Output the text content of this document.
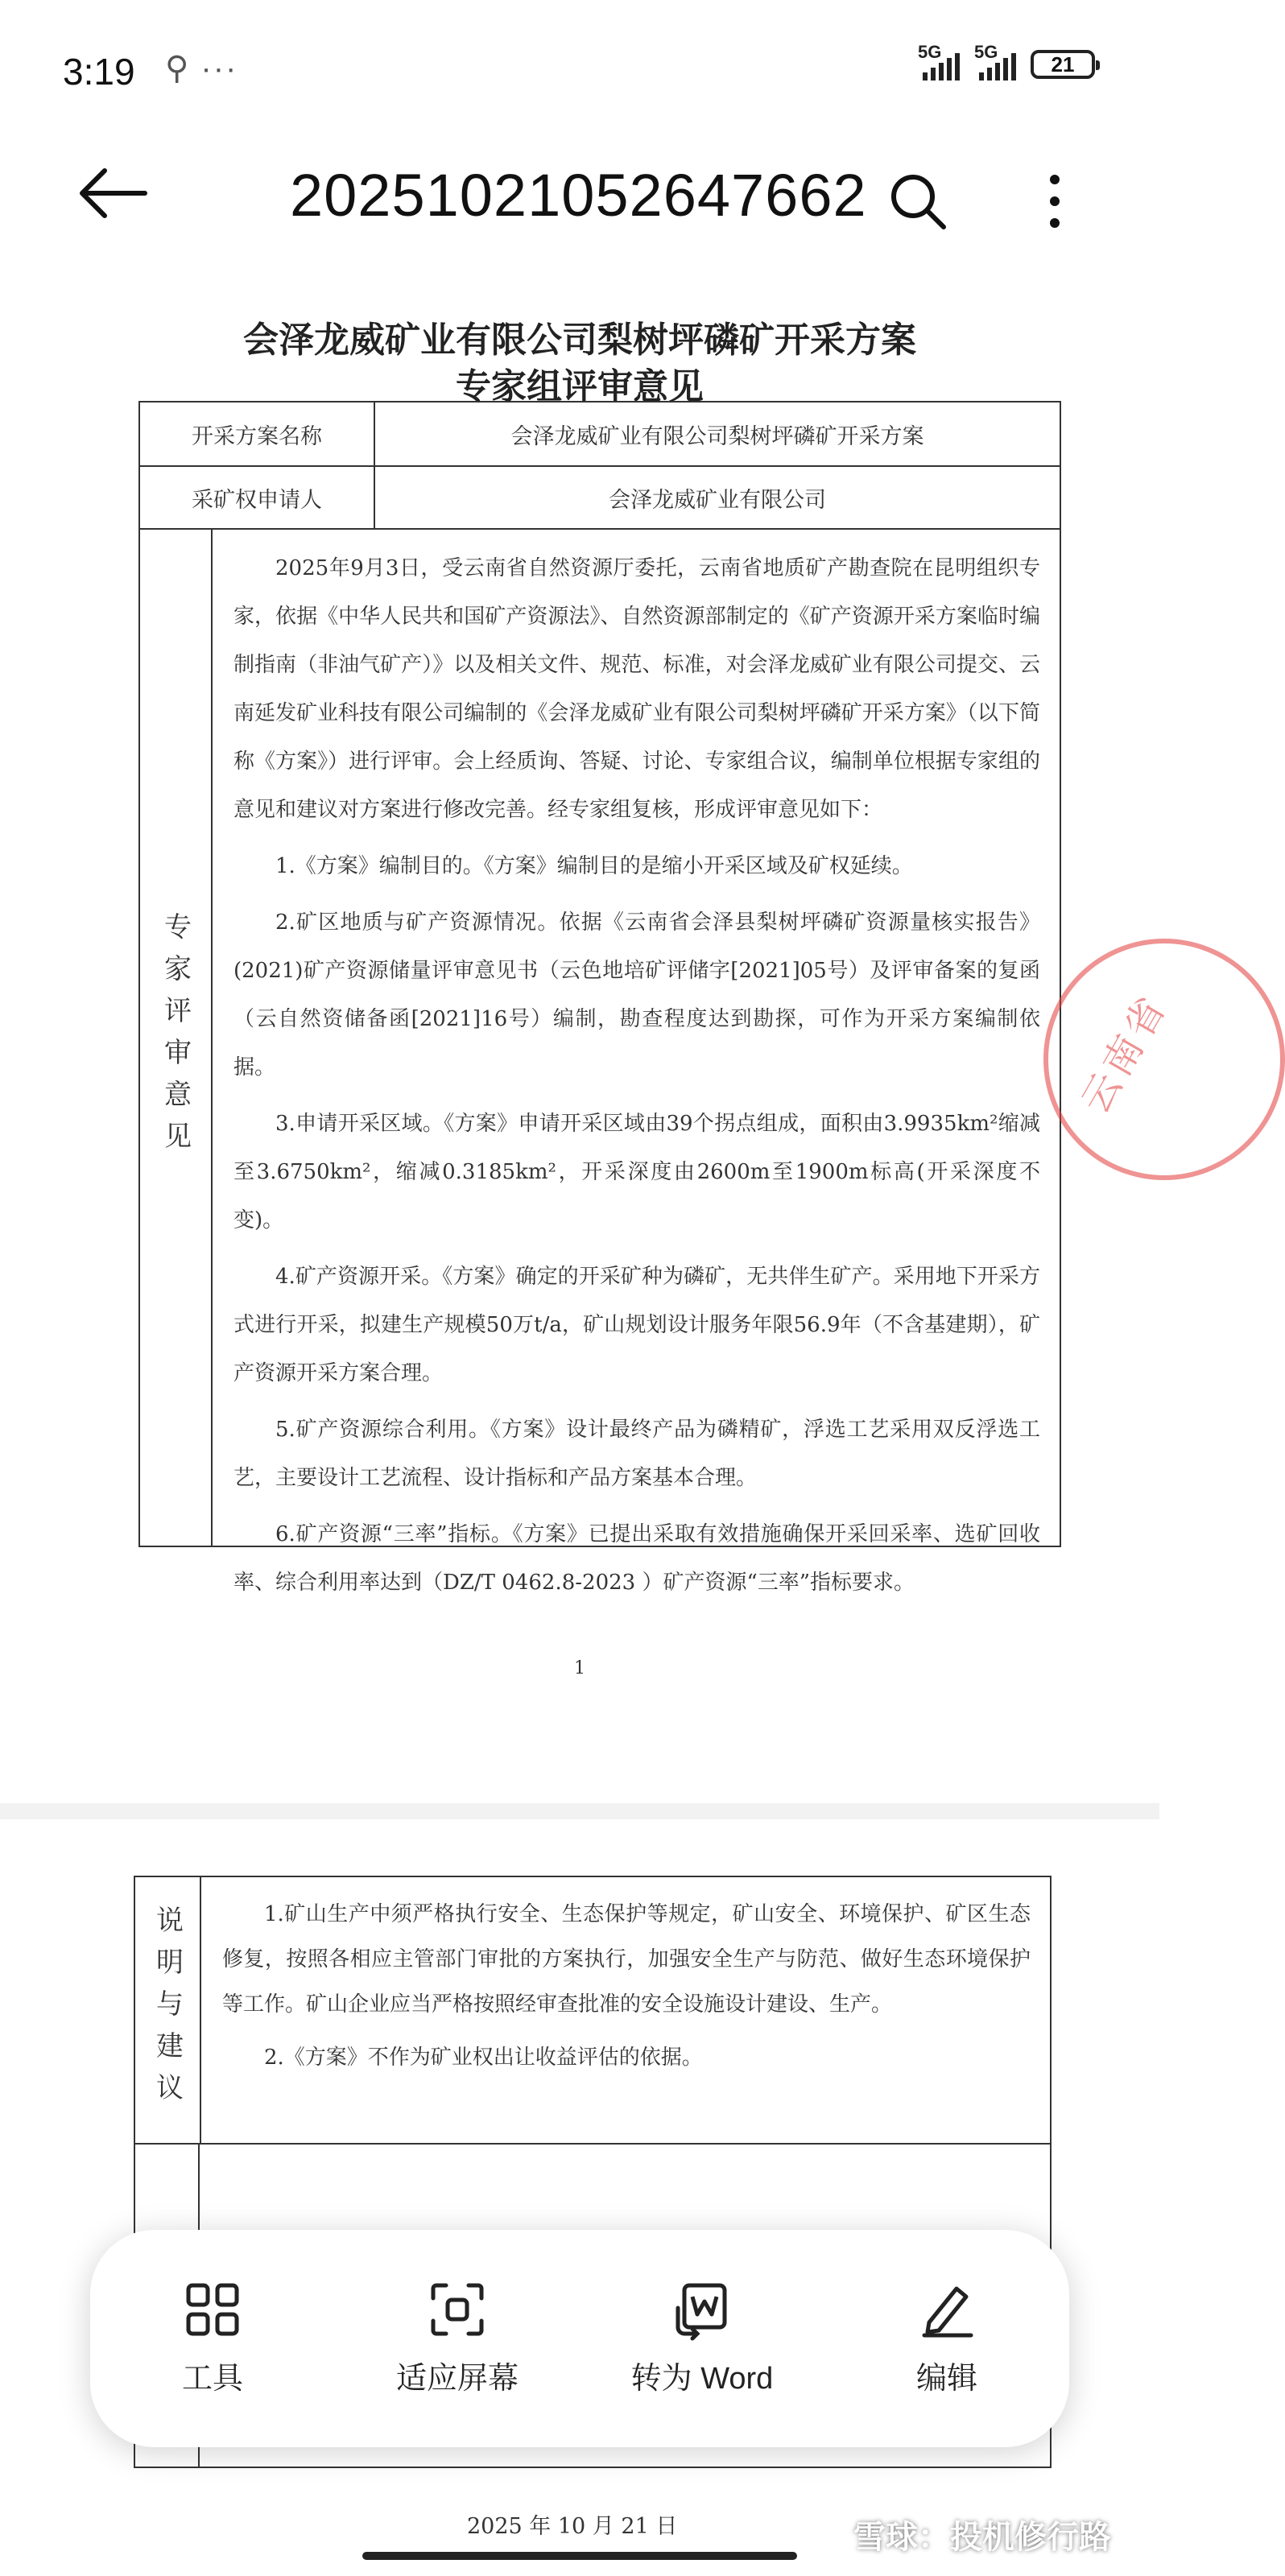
3:19 ⚲ ···	5G 5G	21
20251021052647662
会泽龙威矿业有限公司梨树坪磷矿开采方案
专家组评审意见
开采方案名称	会泽龙威矿业有限公司梨树坪磷矿开采方案
采矿权申请人	会泽龙威矿业有限公司
专家评审意见

2025年9月3日，受云南省自然资源厅委托，云南省地质矿产勘查院在昆明组织专家，依据《中华人民共和国矿产资源法》、自然资源部制定的《矿产资源开采方案临时编制指南（非油气矿产）》以及相关文件、规范、标准，对会泽龙威矿业有限公司提交、云南延发矿业科技有限公司编制的《会泽龙威矿业有限公司梨树坪磷矿开采方案》（以下简称《方案》）进行评审。会上经质询、答疑、讨论、专家组合议，编制单位根据专家组的意见和建议对方案进行修改完善。经专家组复核，形成评审意见如下：

1.《方案》编制目的。《方案》编制目的是缩小开采区域及矿权延续。

2.矿区地质与矿产资源情况。依据《云南省会泽县梨树坪磷矿资源量核实报告》(2021)矿产资源储量评审意见书（云色地培矿评储字[2021]05号）及评审备案的复函（云自然资储备函[2021]16号）编制，勘查程度达到勘探，可作为开采方案编制依据。

3.申请开采区域。《方案》申请开采区域由39个拐点组成，面积由3.9935km²缩减至3.6750km²，缩减0.3185km²，开采深度由2600m至1900m标高(开采深度不变)。

4.矿产资源开采。《方案》确定的开采矿种为磷矿，无共伴生矿产。采用地下开采方式进行开采，拟建生产规模50万t/a，矿山规划设计服务年限56.9年（不含基建期），矿产资源开采方案合理。

5.矿产资源综合利用。《方案》设计最终产品为磷精矿，浮选工艺采用双反浮选工艺，主要设计工艺流程、设计指标和产品方案基本合理。

6.矿产资源“三率”指标。《方案》已提出采取有效措施确保开采回采率、选矿回收率、综合利用率达到（DZ/T 0462.8-2023 ）矿产资源“三率”指标要求。

云南省
1
说明与建议	1.矿山生产中须严格执行安全、生态保护等规定，矿山安全、环境保护、矿区生态修复，按照各相应主管部门审批的方案执行，加强安全生产与防范、做好生态环境保护等工作。矿山企业应当严格按照经审查批准的安全设施设计建设、生产。

2.《方案》不作为矿业权出让收益评估的依据。

2025 年 10 月 21 日
工具	适应屏幕	转为 Word	编辑
雪球：投机修行路
